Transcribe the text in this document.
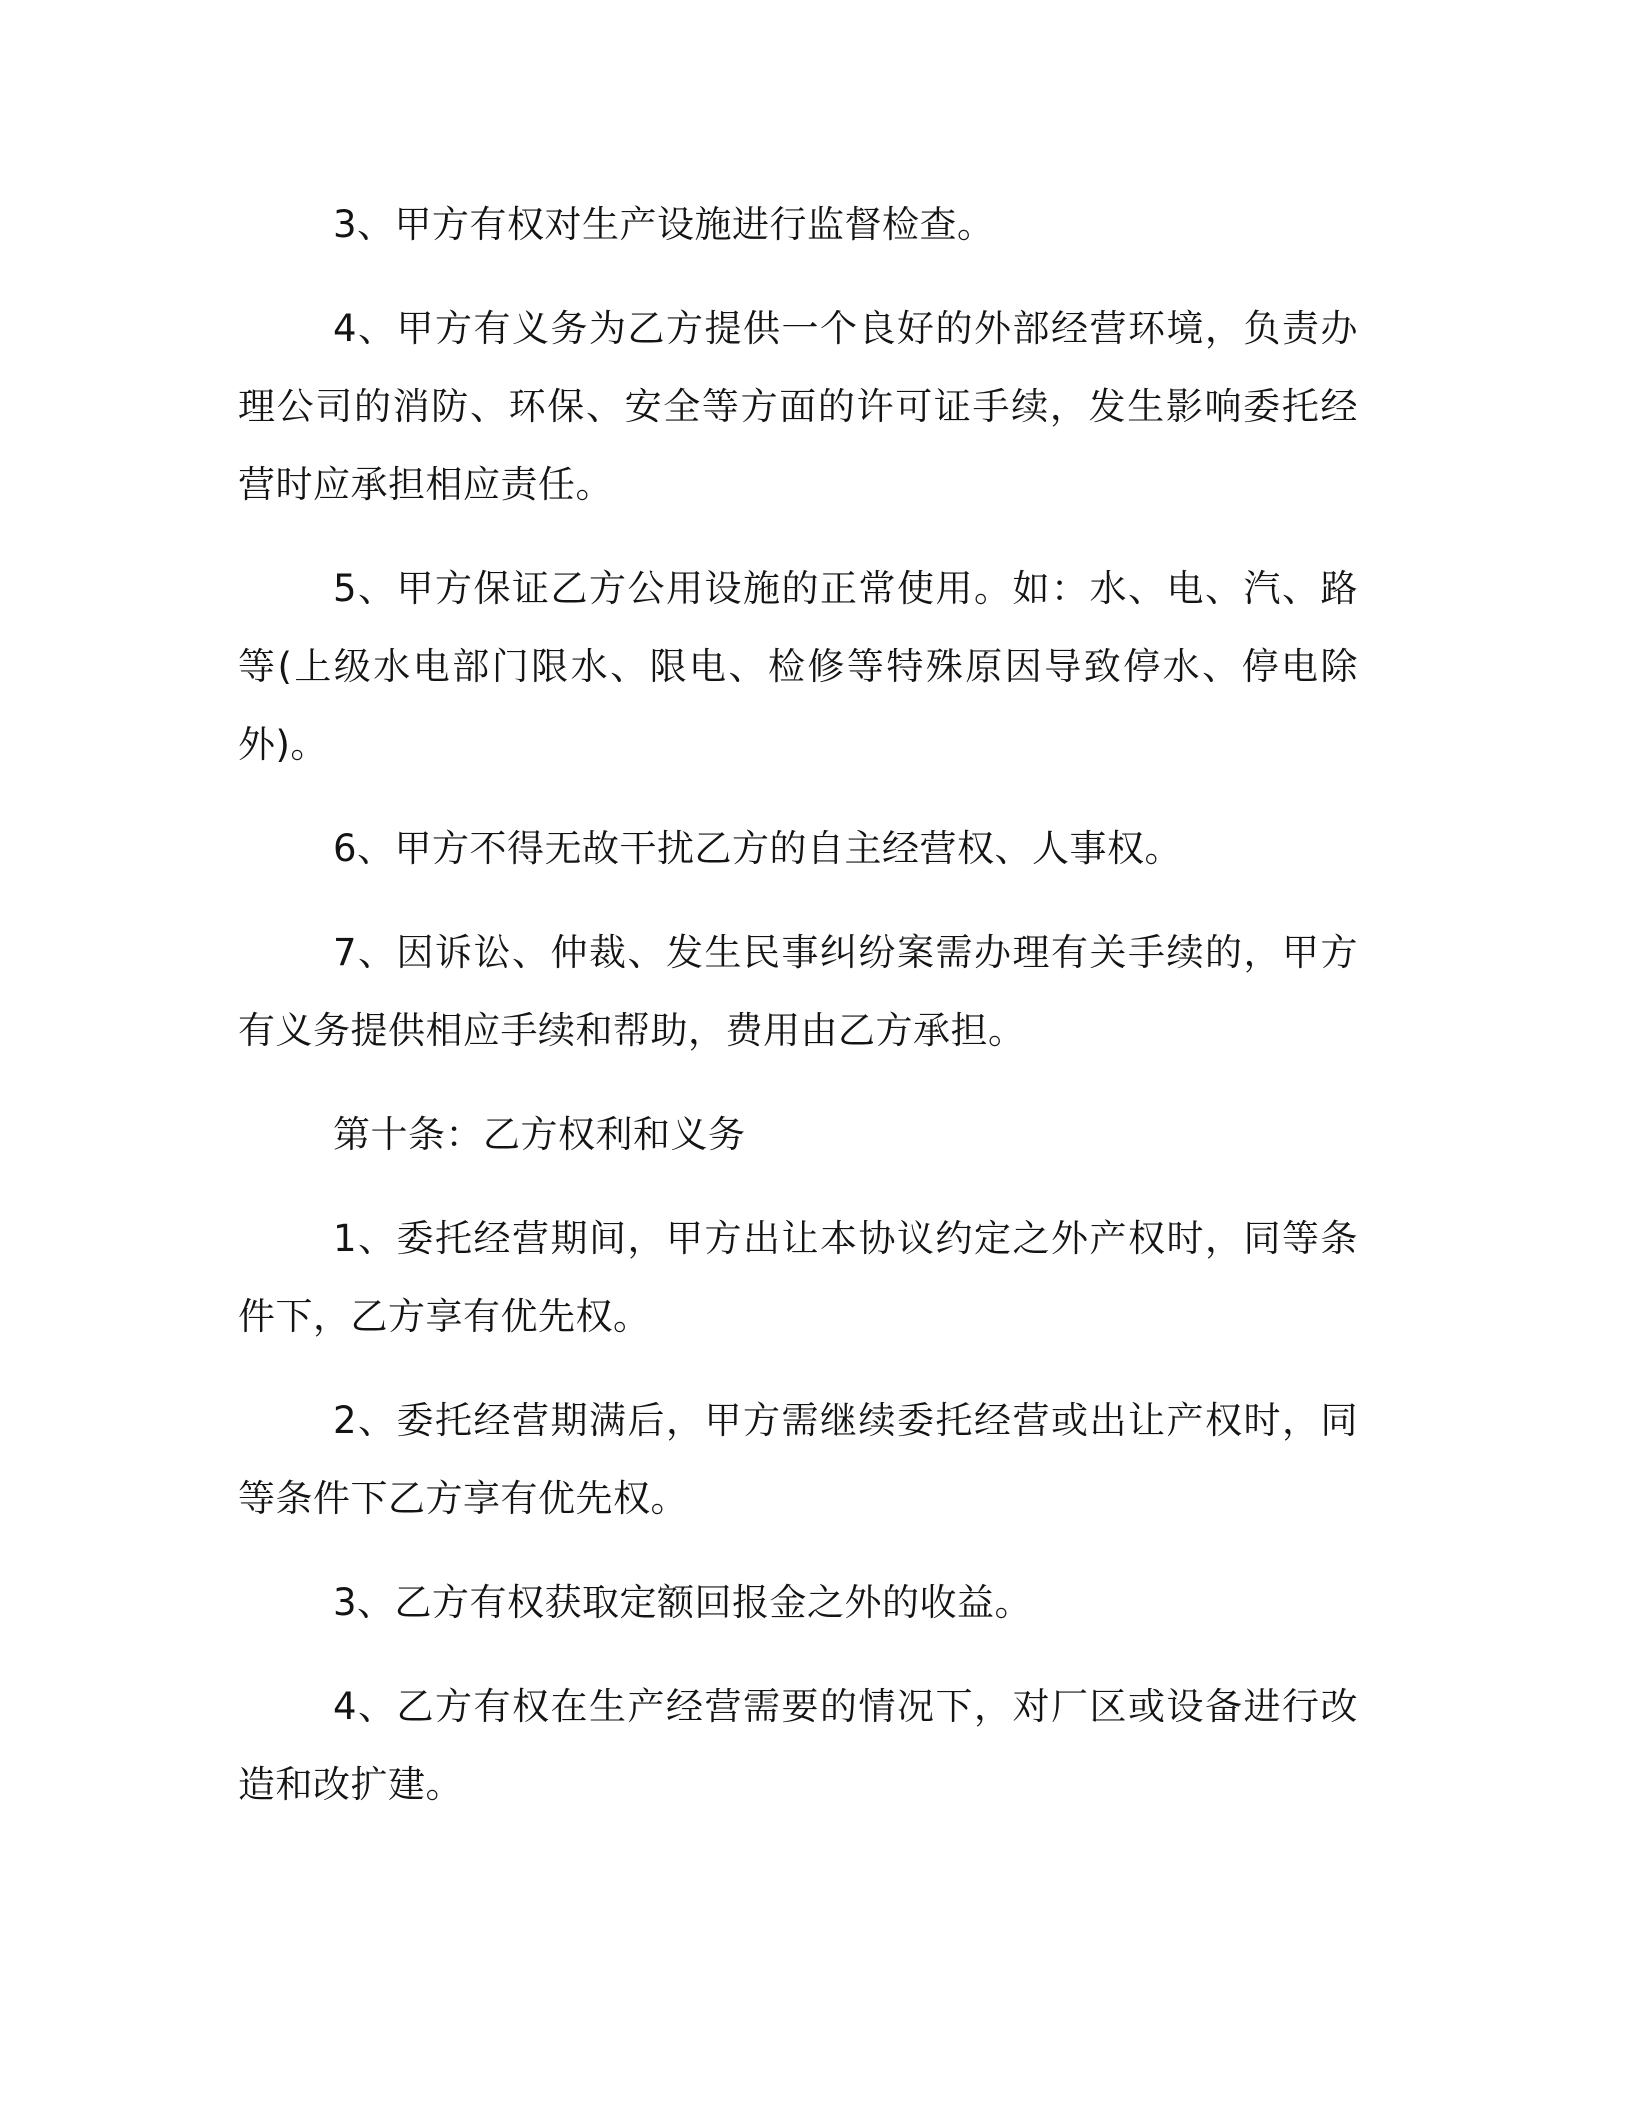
3、甲方有权对生产设施进行监督检查。

4、甲方有义务为乙方提供一个良好的外部经营环境，负责办理公司的消防、环保、安全等方面的许可证手续，发生影响委托经营时应承担相应责任。

5、甲方保证乙方公用设施的正常使用。如：水、电、汽、路等(上级水电部门限水、限电、检修等特殊原因导致停水、停电除外)。

6、甲方不得无故干扰乙方的自主经营权、人事权。

7、因诉讼、仲裁、发生民事纠纷案需办理有关手续的，甲方有义务提供相应手续和帮助，费用由乙方承担。

第十条：乙方权利和义务

1、委托经营期间，甲方出让本协议约定之外产权时，同等条件下，乙方享有优先权。

2、委托经营期满后，甲方需继续委托经营或出让产权时，同等条件下乙方享有优先权。

3、乙方有权获取定额回报金之外的收益。

4、乙方有权在生产经营需要的情况下，对厂区或设备进行改造和改扩建。
